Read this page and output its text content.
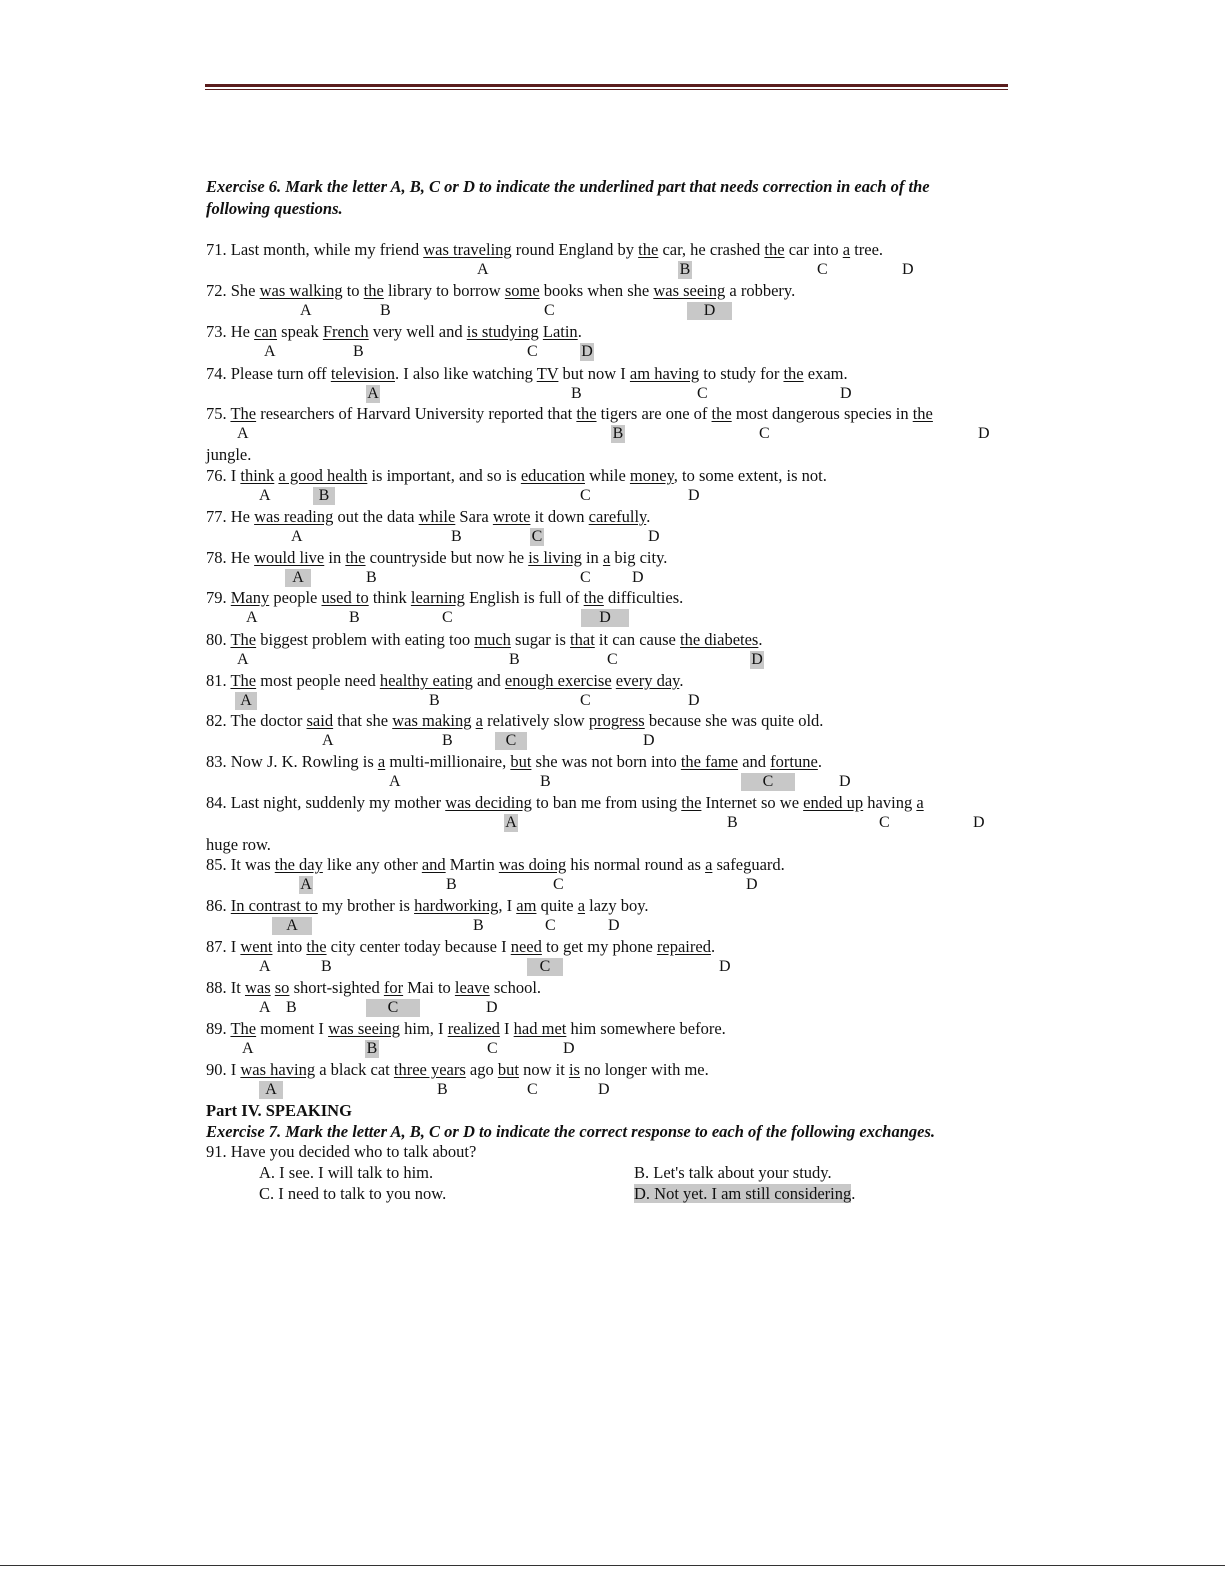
Exercise 6. Mark the letter A, B, C or D to indicate the underlined part that needs correction in each of the
following questions.
71. Last month, while my friend was traveling round England by the car, he crashed the car into a tree.
A	B	C	D
72. She was walking to the library to borrow some books when she was seeing a robbery.
A	B	C	D
73. He can speak French very well and is studying Latin.
A	B	C	D
74. Please turn off television. I also like watching TV but now I am having to study for the exam.
A	B	C	D
75. The researchers of Harvard University reported that the tigers are one of the most dangerous species in the
A	B	C	D
jungle.
76. I think a good health is important, and so is education while money, to some extent, is not.
A	B	C	D
77. He was reading out the data while Sara wrote it down carefully.
A	B	C	D
78. He would live in the countryside but now he is living in a big city.
A	B	C	D
79. Many people used to think learning English is full of the difficulties.
A	B	C	D
80. The biggest problem with eating too much sugar is that it can cause the diabetes.
A	B	C	D
81. The most people need healthy eating and enough exercise every day.
A	B	C	D
82. The doctor said that she was making a relatively slow progress because she was quite old.
A	B	C	D
83. Now J. K. Rowling is a multi-millionaire, but she was not born into the fame and fortune.
A	B	C	D
84. Last night, suddenly my mother was deciding to ban me from using the Internet so we ended up having a
A	B	C	D
huge row.
85. It was the day like any other and Martin was doing his normal round as a safeguard.
A	B	C	D
86. In contrast to my brother is hardworking, I am quite a lazy boy.
A	B	C	D
87. I went into the city center today because I need to get my phone repaired.
A	B	C	D
88. It was so short-sighted for Mai to leave school.
A B	C	D
89. The moment I was seeing him, I realized I had met him somewhere before.
A	B	C	D
90. I was having a black cat three years ago but now it is no longer with me.
A	B	C	D
Part IV. SPEAKING
Exercise 7. Mark the letter A, B, C or D to indicate the correct response to each of the following exchanges.
91. Have you decided who to talk about?
A. I see. I will talk to him.	B. Let's talk about your study.
C. I need to talk to you now.	D. Not yet. I am still considering.
